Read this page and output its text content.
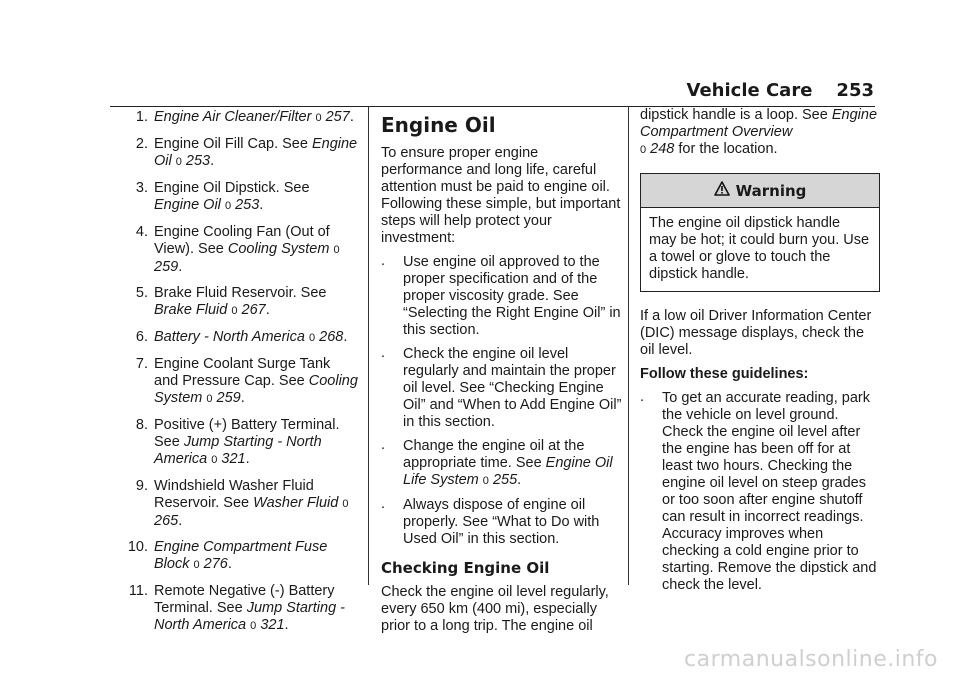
Vehicle Care 253
1. Engine Air Cleaner/Filter 0 257.
2. Engine Oil Fill Cap. See Engine Oil 0 253.
3. Engine Oil Dipstick. See Engine Oil 0 253.
4. Engine Cooling Fan (Out of View). See Cooling System 0 259.
5. Brake Fluid Reservoir. See Brake Fluid 0 267.
6. Battery - North America 0 268.
7. Engine Coolant Surge Tank and Pressure Cap. See Cooling System 0 259.
8. Positive (+) Battery Terminal. See Jump Starting - North America 0 321.
9. Windshield Washer Fluid Reservoir. See Washer Fluid 0 265.
10. Engine Compartment Fuse Block 0 276.
11. Remote Negative (-) Battery Terminal. See Jump Starting - North America 0 321.
Engine Oil

To ensure proper engine performance and long life, careful attention must be paid to engine oil. Following these simple, but important steps will help protect your investment:

. Use engine oil approved to the proper specification and of the proper viscosity grade. See “Selecting the Right Engine Oil” in this section.
. Check the engine oil level regularly and maintain the proper oil level. See “Checking Engine Oil” and “When to Add Engine Oil” in this section.
. Change the engine oil at the appropriate time. See Engine Oil Life System 0 255.
. Always dispose of engine oil properly. See “What to Do with Used Oil” in this section.
Checking Engine Oil

Check the engine oil level regularly, every 650 km (400 mi), especially prior to a long trip. The engine oil

dipstick handle is a loop. See Engine Compartment Overview
0 248 for the location.

Warning
The engine oil dipstick handle may be hot; it could burn you. Use a towel or glove to touch the dipstick handle.

If a low oil Driver Information Center (DIC) message displays, check the oil level.

Follow these guidelines:

. To get an accurate reading, park the vehicle on level ground. Check the engine oil level after the engine has been off for at least two hours. Checking the engine oil level on steep grades or too soon after engine shutoff can result in incorrect readings. Accuracy improves when checking a cold engine prior to starting. Remove the dipstick and check the level.
carmanualsonline.info
